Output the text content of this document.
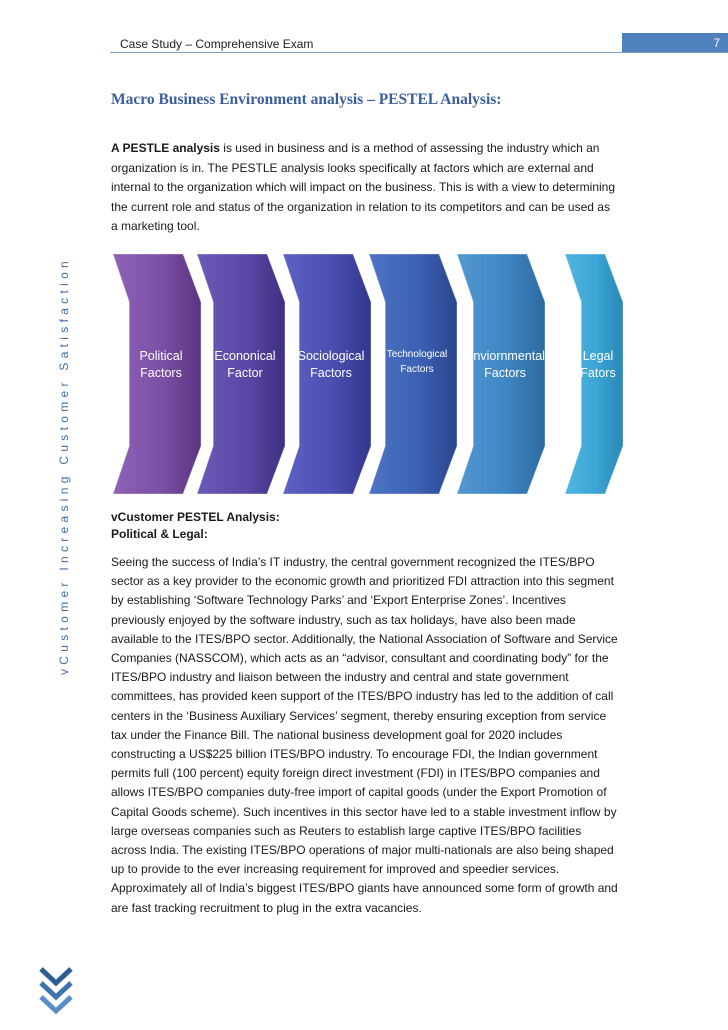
Case Study – Comprehensive Exam	7
vCustomer Increasing Customer Satisfaction
Macro Business Environment analysis – PESTEL Analysis:
A PESTLE analysis is used in business and is a method of assessing the industry which an organization is in. The PESTLE analysis looks specifically at factors which are external and internal to the organization which will impact on the business. This is with a view to determining the current role and status of the organization in relation to its competitors and can be used as a marketing tool.
Political
Factors
Econonical
Factor
Sociological
Factors
Technological
Factors
Enviornmental
Factors
Legal
Fators
vCustomer PESTEL Analysis:
Political & Legal:
Seeing the success of India’s IT industry, the central government recognized the ITES/BPO sector as a key provider to the economic growth and prioritized FDI attraction into this segment by establishing ‘Software Technology Parks’ and ‘Export Enterprise Zones’. Incentives previously enjoyed by the software industry, such as tax holidays, have also been made available to the ITES/BPO sector. Additionally, the National Association of Software and Service Companies (NASSCOM), which acts as an “advisor, consultant and coordinating body” for the ITES/BPO industry and liaison between the industry and central and state government committees, has provided keen support of the ITES/BPO industry has led to the addition of call centers in the ‘Business Auxiliary Services’ segment, thereby ensuring exception from service tax under the Finance Bill. The national business development goal for 2020 includes constructing a US$225 billion ITES/BPO industry. To encourage FDI, the Indian government permits full (100 percent) equity foreign direct investment (FDI) in ITES/BPO companies and allows ITES/BPO companies duty-free import of capital goods (under the Export Promotion of Capital Goods scheme). Such incentives in this sector have led to a stable investment inflow by large overseas companies such as Reuters to establish large captive ITES/BPO facilities across India. The existing ITES/BPO operations of major multi-nationals are also being shaped up to provide to the ever increasing requirement for improved and speedier services. Approximately all of India’s biggest ITES/BPO giants have announced some form of growth and are fast tracking recruitment to plug in the extra vacancies.
